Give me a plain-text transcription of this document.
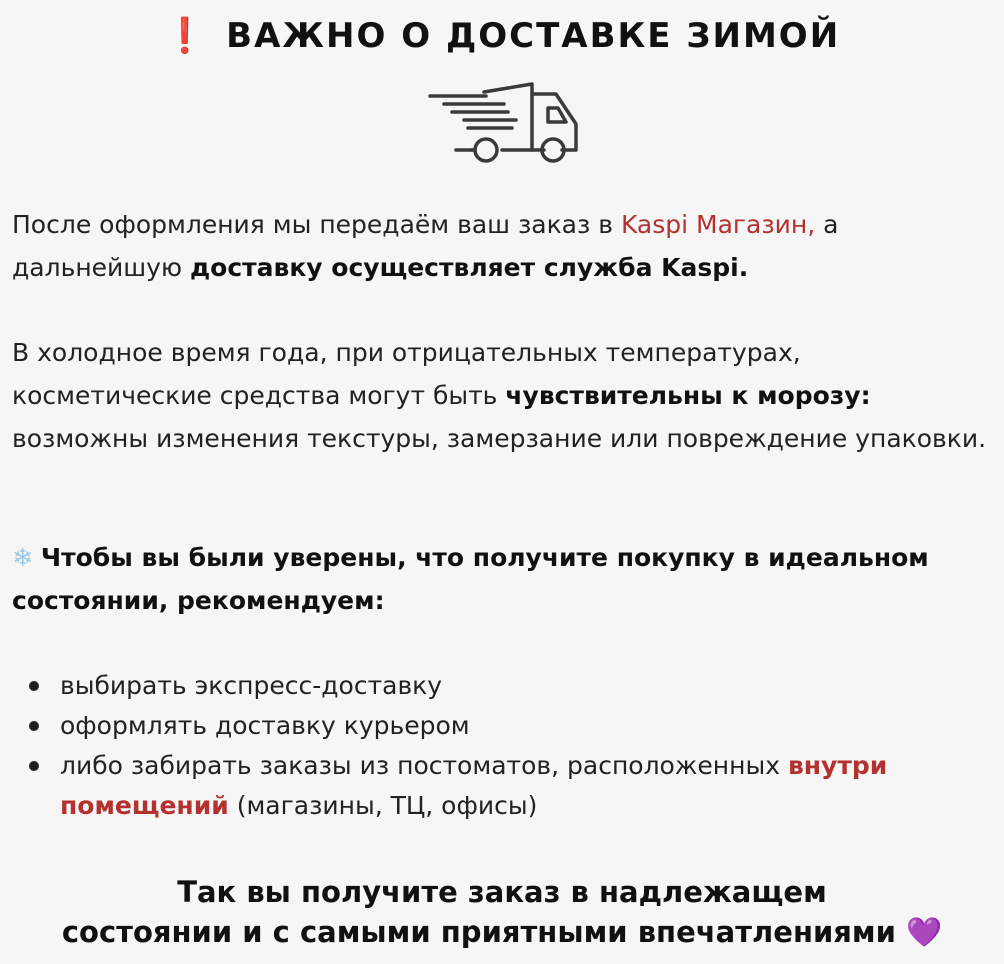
❗ ВАЖНО О ДОСТАВКЕ ЗИМОЙ

После оформления мы передаём ваш заказ в Kaspi Магазин, а дальнейшую доставку осуществляет служба Kaspi.

В холодное время года, при отрицательных температурах, косметические средства могут быть чувствительны к морозу: возможны изменения текстуры, замерзание или повреждение упаковки.

❄ Чтобы вы были уверены, что получите покупку в идеальном состоянии, рекомендуем:

выбирать экспресс-доставку
оформлять доставку курьером
либо забирать заказы из постоматов, расположенных внутри помещений (магазины, ТЦ, офисы)
Так вы получите заказ в надлежащем
состоянии и с самыми приятными впечатлениями 💜
